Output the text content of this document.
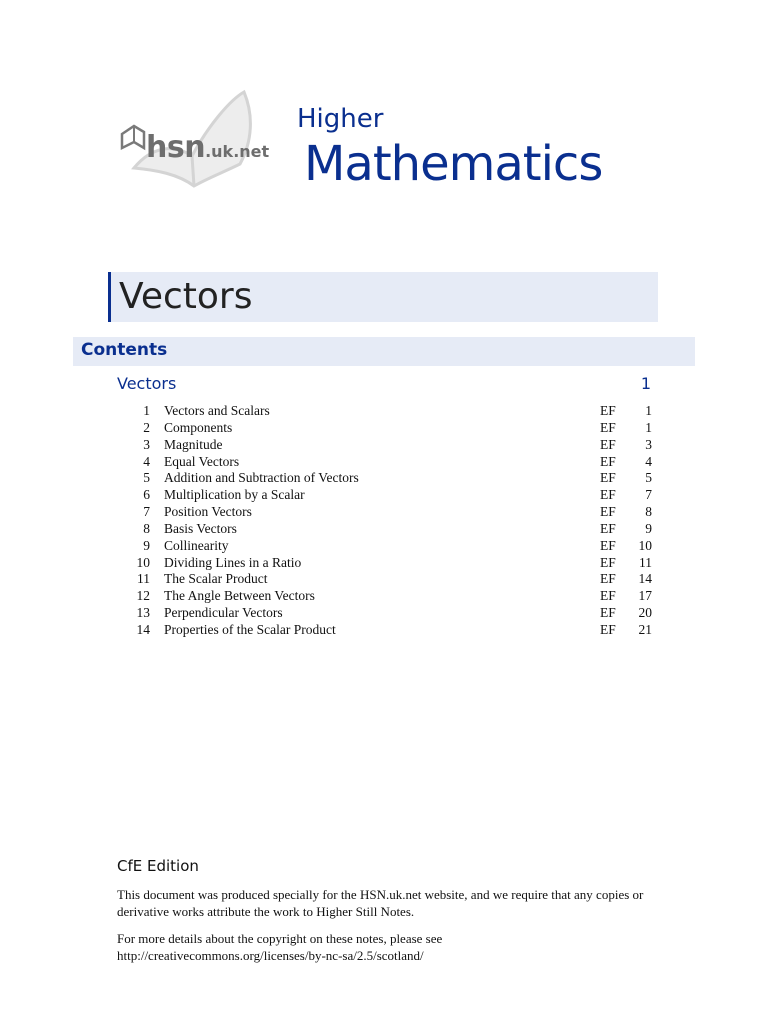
hsn.uk.net
Higher
Mathematics
Vectors
Contents
Vectors	1
1 Vectors and Scalars	EF 1
2 Components	EF 1
3 Magnitude	EF 3
4 Equal Vectors	EF 4
5 Addition and Subtraction of Vectors	EF 5
6 Multiplication by a Scalar	EF 7
7 Position Vectors	EF 8
8 Basis Vectors	EF 9
9 Collinearity	EF 10
10 Dividing Lines in a Ratio	EF 11
11 The Scalar Product	EF 14
12 The Angle Between Vectors	EF 17
13 Perpendicular Vectors	EF 20
14 Properties of the Scalar Product	EF 21
CfE Edition
This document was produced specially for the HSN.uk.net website, and we require that any copies or derivative works attribute the work to Higher Still Notes.
For more details about the copyright on these notes, please see
http://creativecommons.org/licenses/by-nc-sa/2.5/scotland/
